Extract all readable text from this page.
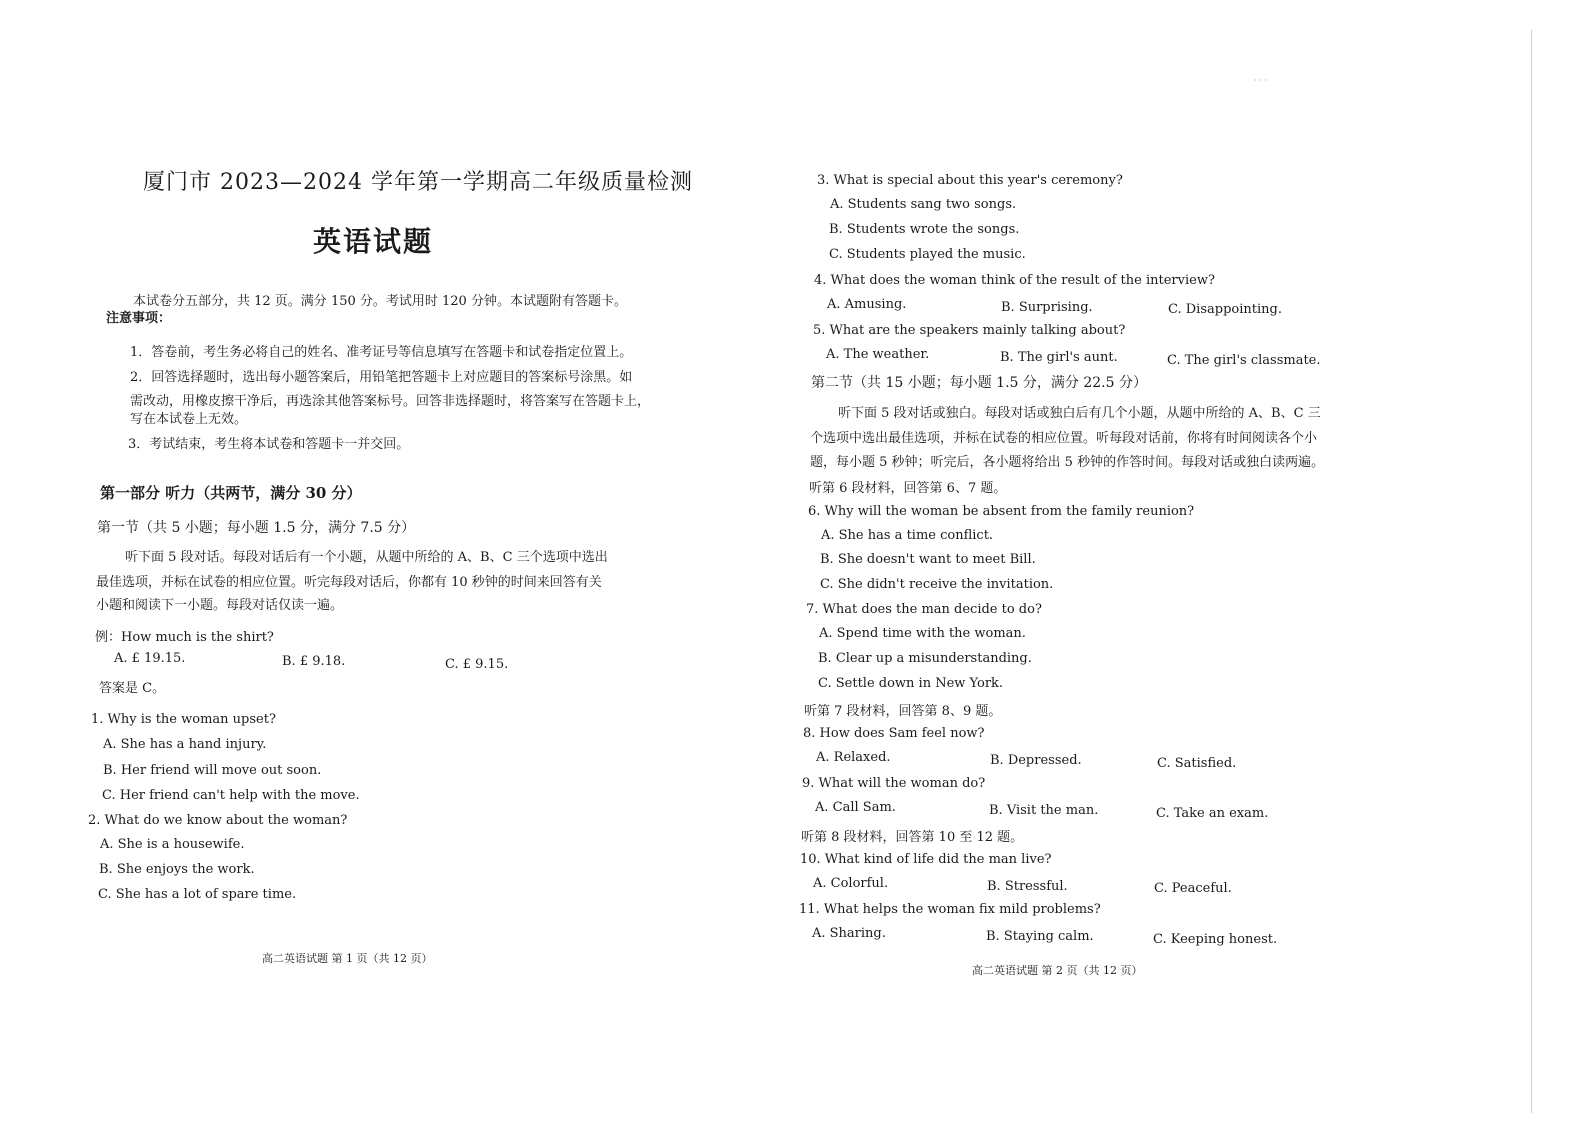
· · ·
厦门市 2023—2024 学年第一学期高二年级质量检测
英语试题
本试卷分五部分，共 12 页。满分 150 分。考试用时 120 分钟。本试题附有答题卡。
注意事项：
1．答卷前，考生务必将自己的姓名、准考证号等信息填写在答题卡和试卷指定位置上。
2．回答选择题时，选出每小题答案后，用铅笔把答题卡上对应题目的答案标号涂黑。如
需改动，用橡皮擦干净后，再选涂其他答案标号。回答非选择题时，将答案写在答题卡上，
写在本试卷上无效。
3．考试结束，考生将本试卷和答题卡一并交回。
第一部分 听力（共两节，满分 30 分）
第一节（共 5 小题；每小题 1.5 分，满分 7.5 分）
听下面 5 段对话。每段对话后有一个小题，从题中所给的 A、B、C 三个选项中选出
最佳选项，并标在试卷的相应位置。听完每段对话后，你都有 10 秒钟的时间来回答有关
小题和阅读下一小题。每段对话仅读一遍。
例：How much is the shirt?
A. £ 19.15.	B. £ 9.18.	C. £ 9.15.
答案是 C。
1. Why is the woman upset?
A. She has a hand injury.
B. Her friend will move out soon.
C. Her friend can't help with the move.
2. What do we know about the woman?
A. She is a housewife.
B. She enjoys the work.
C. She has a lot of spare time.
高二英语试题 第 1 页（共 12 页）
3. What is special about this year's ceremony?
A. Students sang two songs.
B. Students wrote the songs.
C. Students played the music.
4. What does the woman think of the result of the interview?
A. Amusing.	B. Surprising.	C. Disappointing.
5. What are the speakers mainly talking about?
A. The weather.	B. The girl's aunt.	C. The girl's classmate.
第二节（共 15 小题；每小题 1.5 分，满分 22.5 分）
听下面 5 段对话或独白。每段对话或独白后有几个小题，从题中所给的 A、B、C 三
个选项中选出最佳选项，并标在试卷的相应位置。听每段对话前，你将有时间阅读各个小
题，每小题 5 秒钟；听完后，各小题将给出 5 秒钟的作答时间。每段对话或独白读两遍。
听第 6 段材料，回答第 6、7 题。
6. Why will the woman be absent from the family reunion?
A. She has a time conflict.
B. She doesn't want to meet Bill.
C. She didn't receive the invitation.
7. What does the man decide to do?
A. Spend time with the woman.
B. Clear up a misunderstanding.
C. Settle down in New York.
听第 7 段材料，回答第 8、9 题。
8. How does Sam feel now?
A. Relaxed.	B. Depressed.	C. Satisfied.
9. What will the woman do?
A. Call Sam.	B. Visit the man.	C. Take an exam.
听第 8 段材料，回答第 10 至 12 题。
10. What kind of life did the man live?
A. Colorful.	B. Stressful.	C. Peaceful.
11. What helps the woman fix mild problems?
A. Sharing.	B. Staying calm.	C. Keeping honest.
高二英语试题 第 2 页（共 12 页）
